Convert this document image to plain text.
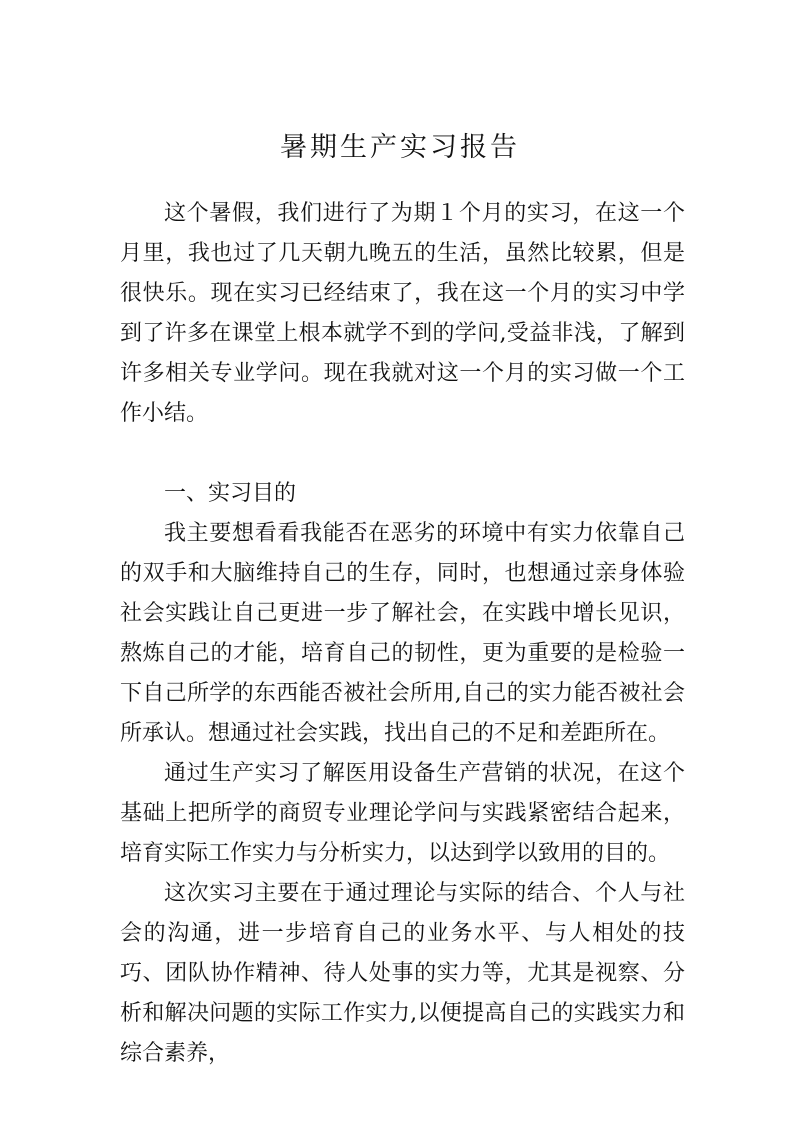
暑期生产实习报告

这个暑假，我们进行了为期１个月的实习，在这一个月里，我也过了几天朝九晚五的生活，虽然比较累，但是很快乐。现在实习已经结束了，我在这一个月的实习中学到了许多在课堂上根本就学不到的学问,受益非浅，了解到许多相关专业学问。现在我就对这一个月的实习做一个工作小结。

一、实习目的

我主要想看看我能否在恶劣的环境中有实力依靠自己的双手和大脑维持自己的生存，同时，也想通过亲身体验社会实践让自己更进一步了解社会，在实践中增长见识，熬炼自己的才能，培育自己的韧性，更为重要的是检验一下自己所学的东西能否被社会所用,自己的实力能否被社会所承认。想通过社会实践，找出自己的不足和差距所在。

通过生产实习了解医用设备生产营销的状况，在这个基础上把所学的商贸专业理论学问与实践紧密结合起来，培育实际工作实力与分析实力，以达到学以致用的目的。

这次实习主要在于通过理论与实际的结合、个人与社会的沟通，进一步培育自己的业务水平、与人相处的技巧、团队协作精神、待人处事的实力等，尤其是视察、分析和解决问题的实际工作实力,以便提高自己的实践实力和综合素养，
